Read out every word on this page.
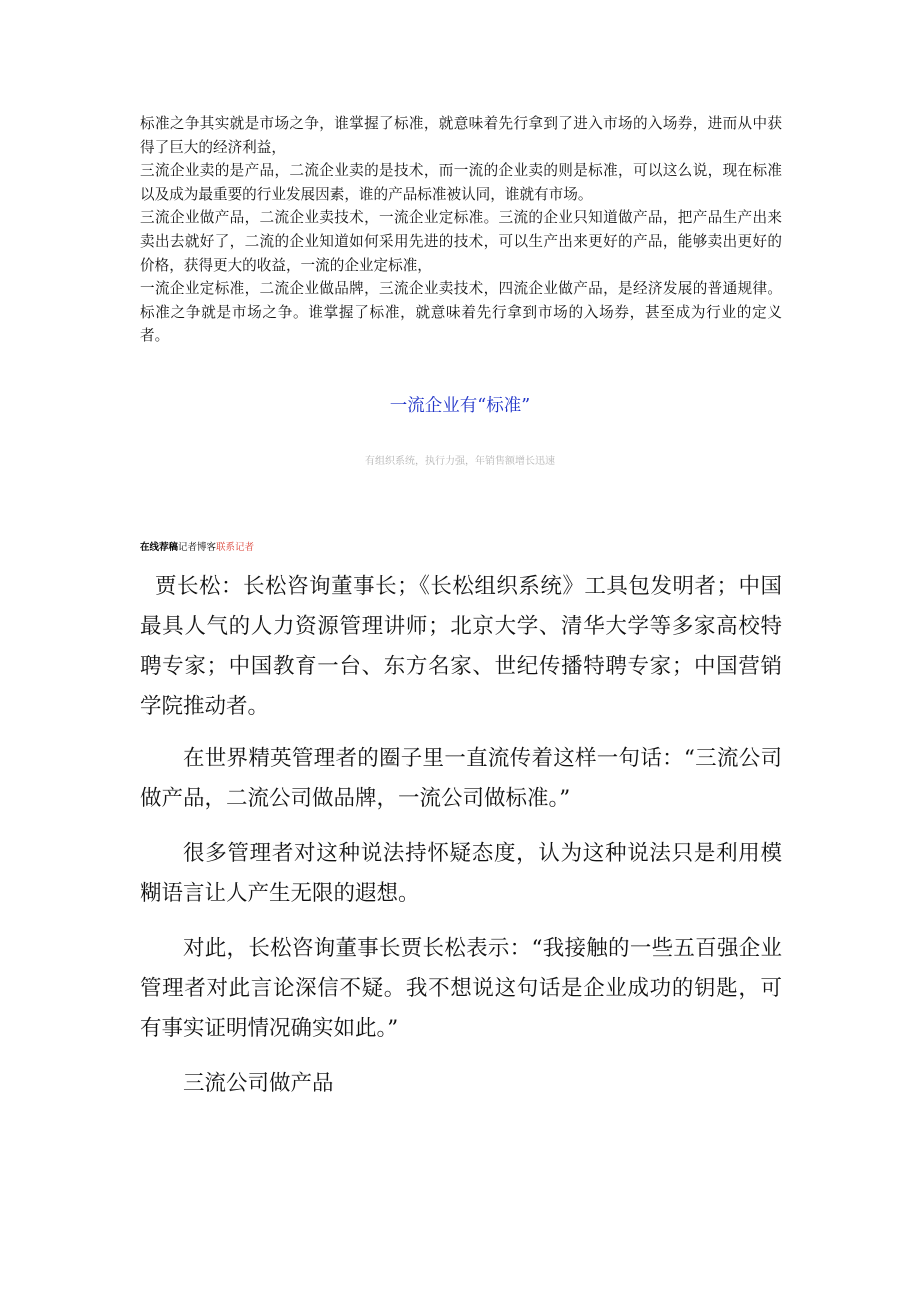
标准之争其实就是市场之争，谁掌握了标准，就意味着先行拿到了进入市场的入场券，进而从中获得了巨大的经济利益，

三流企业卖的是产品，二流企业卖的是技术，而一流的企业卖的则是标准，可以这么说，现在标准以及成为最重要的行业发展因素，谁的产品标准被认同，谁就有市场。

三流企业做产品，二流企业卖技术，一流企业定标准。三流的企业只知道做产品，把产品生产出来卖出去就好了，二流的企业知道如何采用先进的技术，可以生产出来更好的产品，能够卖出更好的价格，获得更大的收益，一流的企业定标准，

一流企业定标准，二流企业做品牌，三流企业卖技术，四流企业做产品，是经济发展的普通规律。标准之争就是市场之争。谁掌握了标准，就意味着先行拿到市场的入场券，甚至成为行业的定义者。

一流企业有“标准”
有组织系统，执行力强，年销售额增长迅速
在线荐稿记者博客联系记者

贾长松：长松咨询董事长；《长松组织系统》工具包发明者；中国最具人气的人力资源管理讲师；北京大学、清华大学等多家高校特聘专家；中国教育一台、东方名家、世纪传播特聘专家；中国营销学院推动者。

在世界精英管理者的圈子里一直流传着这样一句话：“三流公司做产品，二流公司做品牌，一流公司做标准。”

很多管理者对这种说法持怀疑态度，认为这种说法只是利用模糊语言让人产生无限的遐想。

对此，长松咨询董事长贾长松表示：“我接触的一些五百强企业管理者对此言论深信不疑。我不想说这句话是企业成功的钥匙，可有事实证明情况确实如此。”

三流公司做产品
